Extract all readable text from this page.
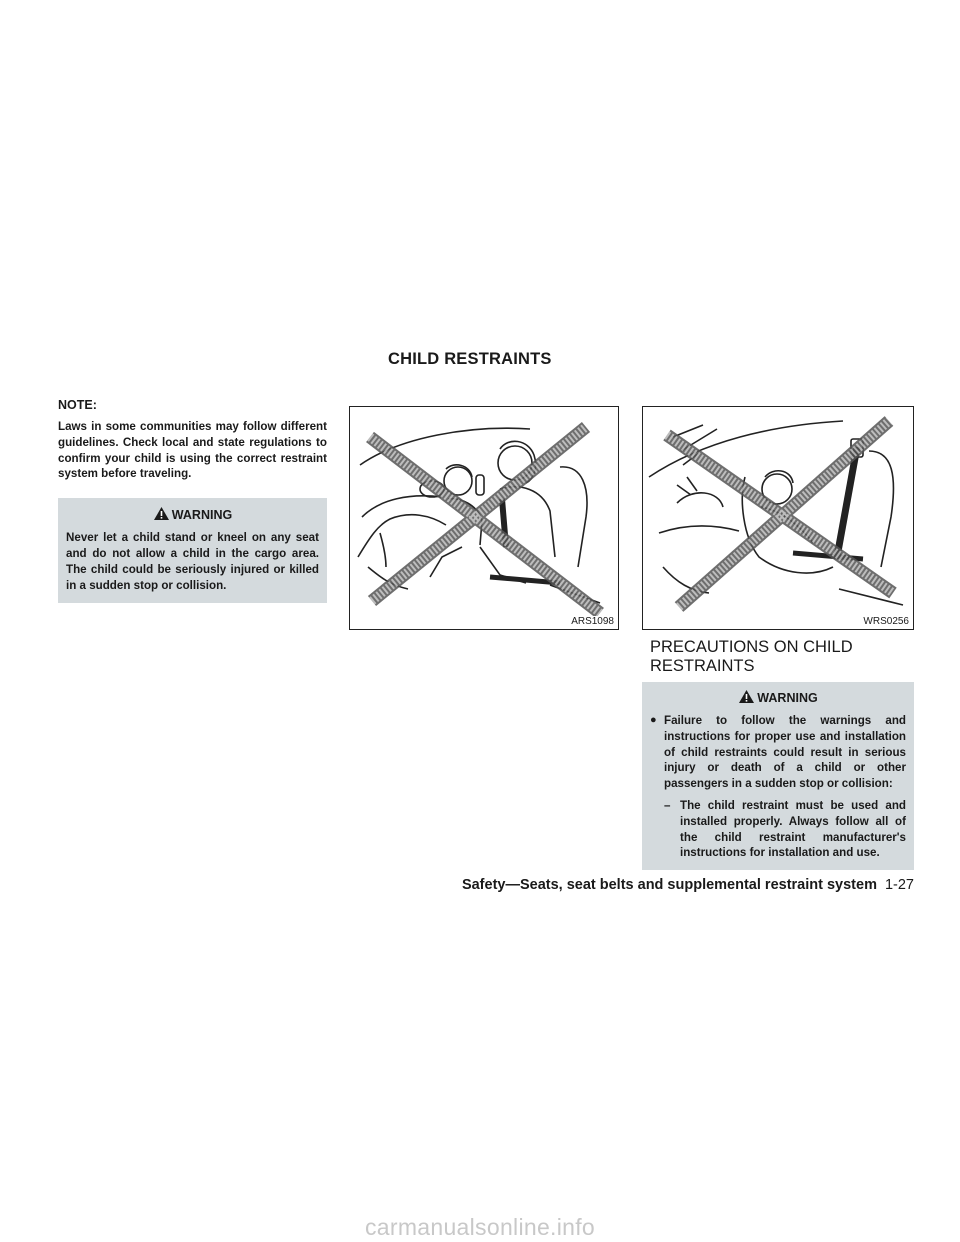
CHILD RESTRAINTS

NOTE:

Laws in some communities may follow different guidelines. Check local and state regulations to confirm your child is using the correct restraint system before traveling.

WARNING

Never let a child stand or kneel on any seat and do not allow a child in the cargo area. The child could be seriously injured or killed in a sudden stop or collision.

ARS1098	WRS0256
PRECAUTIONS ON CHILD RESTRAINTS
WARNING
● Failure to follow the warnings and instructions for proper use and installation of child restraints could result in serious injury or death of a child or other passengers in a sudden stop or collision:
– The child restraint must be used and installed properly. Always follow all of the child restraint manufacturer's instructions for installation and use.
Safety—Seats, seat belts and supplemental restraint system 1-27
carmanualsonline.info
